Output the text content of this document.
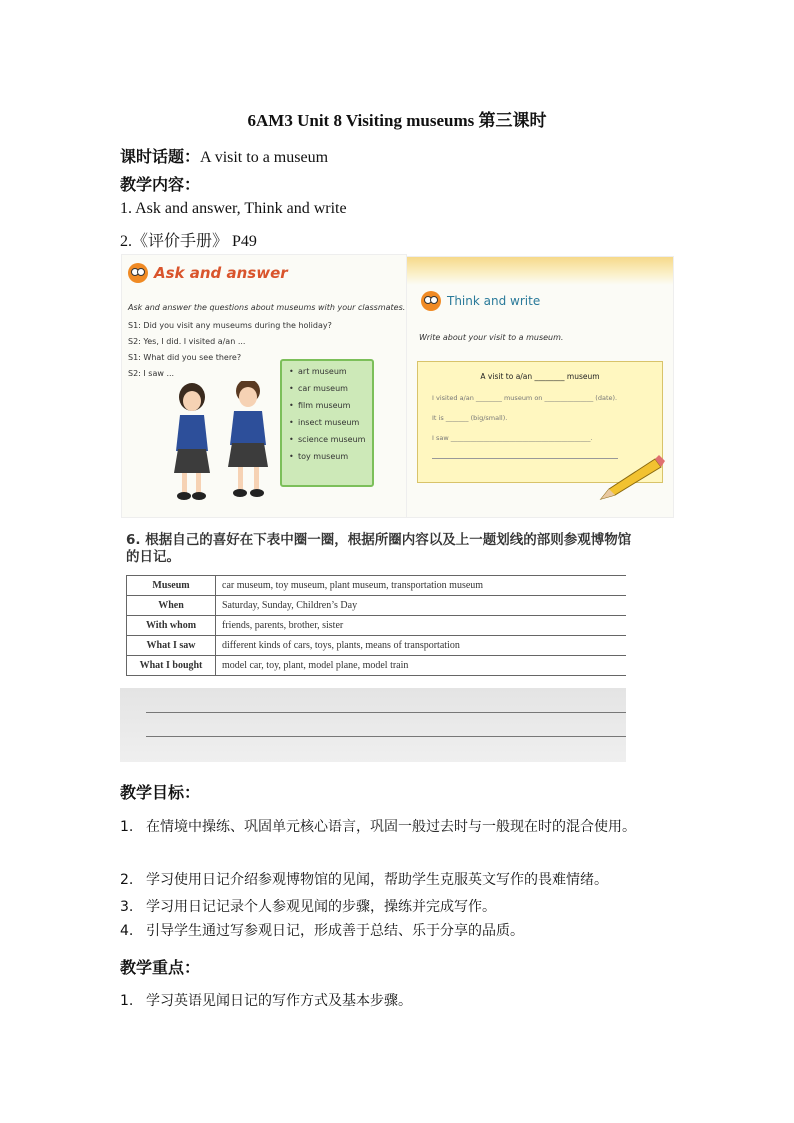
6AM3 Unit 8 Visiting museums 第三课时
课时话题：A visit to a museum
教学内容：
1. Ask and answer, Think and write
2.《评价手册》 P49
Ask and answer
Ask and answer the questions about museums with your classmates.
S1: Did you visit any museums during the holiday?
S2: Yes, I did. I visited a/an ...
S1: What did you see there?
S2: I saw ...	• art museum
• car museum
• film museum
• insect museum
• science museum
• toy museum
Think and write
Write about your visit to a museum.
A visit to a/an ________ museum
I visited a/an ________ museum on _______________ (date).
It is _______ (big/small).
I saw ___________________________________________.
6. 根据自己的喜好在下表中圈一圈，根据所圈内容以及上一题划线的部则参观博物馆的日记。
Museum	car museum, toy museum, plant museum, transportation museum
When	Saturday, Sunday, Children’s Day
With whom	friends, parents, brother, sister
What I saw	different kinds of cars, toys, plants, means of transportation
What I bought	model car, toy, plant, model plane, model train
教学目标：
1. 在情境中操练、巩固单元核心语言，巩固一般过去时与一般现在时的混合使用。
2. 学习使用日记介绍参观博物馆的见闻，帮助学生克服英文写作的畏难情绪。
3. 学习用日记记录个人参观见闻的步骤，操练并完成写作。
4. 引导学生通过写参观日记，形成善于总结、乐于分享的品质。
教学重点：
1. 学习英语见闻日记的写作方式及基本步骤。
